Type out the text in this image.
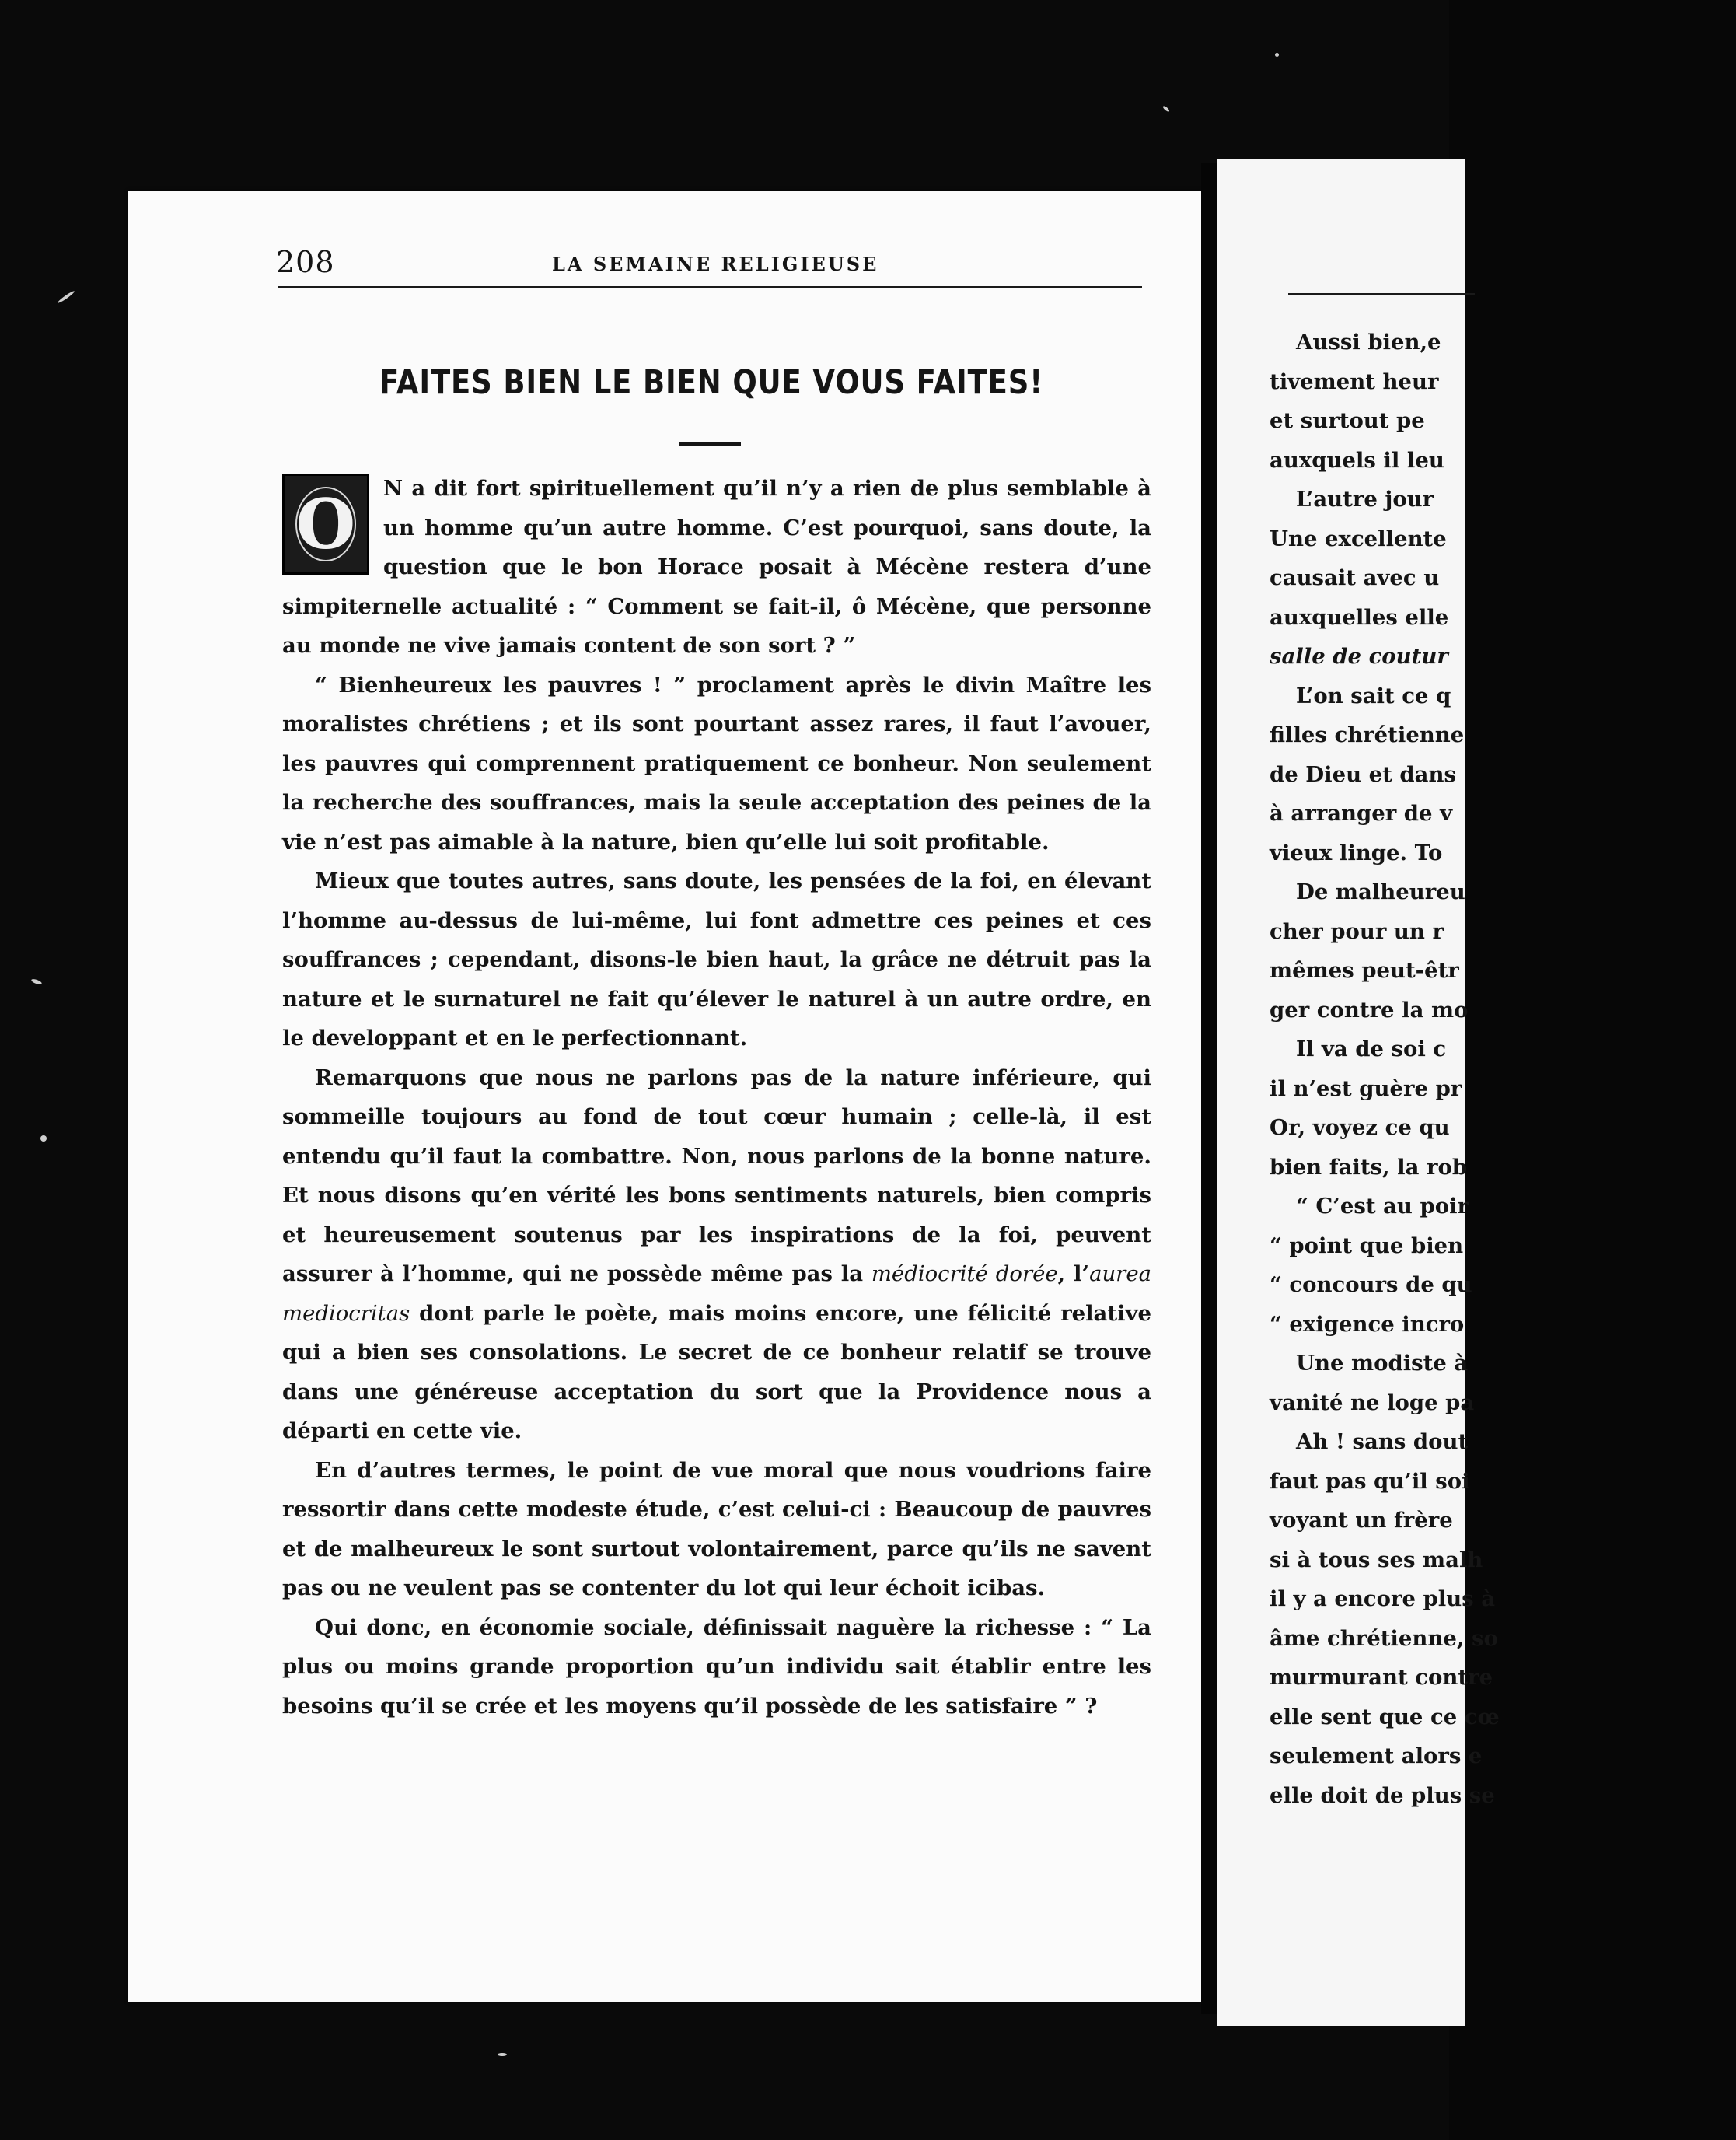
208	LA SEMAINE RELIGIEUSE
FAITES BIEN LE BIEN QUE VOUS FAITES!

O	N a dit fort spirituellement qu’il n’y a rien de plus semblable à un homme qu’un autre homme. C’est pourquoi, sans doute, la question que le bon Horace posait à Mécène restera d’une simpiternelle actualité : “ Comment se fait-il, ô Mécène, que personne au monde ne vive jamais content de son sort ? ”

“ Bienheureux les pauvres ! ” proclament après le divin Maître les moralistes chrétiens ; et ils sont pourtant assez rares, il faut l’avouer, les pauvres qui comprennent pratiquement ce bonheur. Non seulement la recherche des souffrances, mais la seule acceptation des peines de la vie n’est pas aimable à la nature, bien qu’elle lui soit profitable.

Mieux que toutes autres, sans doute, les pensées de la foi, en élevant l’homme au-dessus de lui-même, lui font admettre ces peines et ces souffrances ; cependant, disons-le bien haut, la grâce ne détruit pas la nature et le surnaturel ne fait qu’élever le naturel à un autre ordre, en le developpant et en le perfectionnant.

Remarquons que nous ne parlons pas de la nature inférieure, qui sommeille toujours au fond de tout cœur humain ; celle-là, il est entendu qu’il faut la combattre. Non, nous parlons de la bonne nature. Et nous disons qu’en vérité les bons sentiments naturels, bien compris et heureusement soutenus par les inspirations de la foi, peuvent assurer à l’homme, qui ne possède même pas la médiocrité dorée, l’aurea mediocritas dont parle le poète, mais moins encore, une félicité relative qui a bien ses consolations. Le secret de ce bonheur relatif se trouve dans une généreuse acceptation du sort que la Providence nous a départi en cette vie.

En d’autres termes, le point de vue moral que nous voudrions faire ressortir dans cette modeste étude, c’est celui-ci : Beaucoup de pauvres et de malheureux le sont surtout volontairement, parce qu’ils ne savent pas ou ne veulent pas se contenter du lot qui leur échoit icibas.

Qui donc, en économie sociale, définissait naguère la richesse : “ La plus ou moins grande proportion qu’un individu sait établir entre les besoins qu’il se crée et les moyens qu’il possède de les satisfaire ” ?

Aussi bien,e
tivement heur
et surtout pe
auxquels il leu
L’autre jour
Une excellente
causait avec u
auxquelles elle
salle de coutur
L’on sait ce q
filles chrétienne
de Dieu et dans
à arranger de v
vieux linge. To
De malheureu
cher pour un r
mêmes peut-êtr
ger contre la mo
Il va de soi c
il n’est guère pr
Or, voyez ce qu
bien faits, la rob
“ C’est au poir
“ point que bien
“ concours de qu
“ exigence incro
Une modiste à
vanité ne loge pa
Ah ! sans dout
faut pas qu’il soi
voyant un frère
si à tous ses malh
il y a encore plus à
âme chrétienne, so
murmurant contre
elle sent que ce cœ
seulement alors e
elle doit de plus se
